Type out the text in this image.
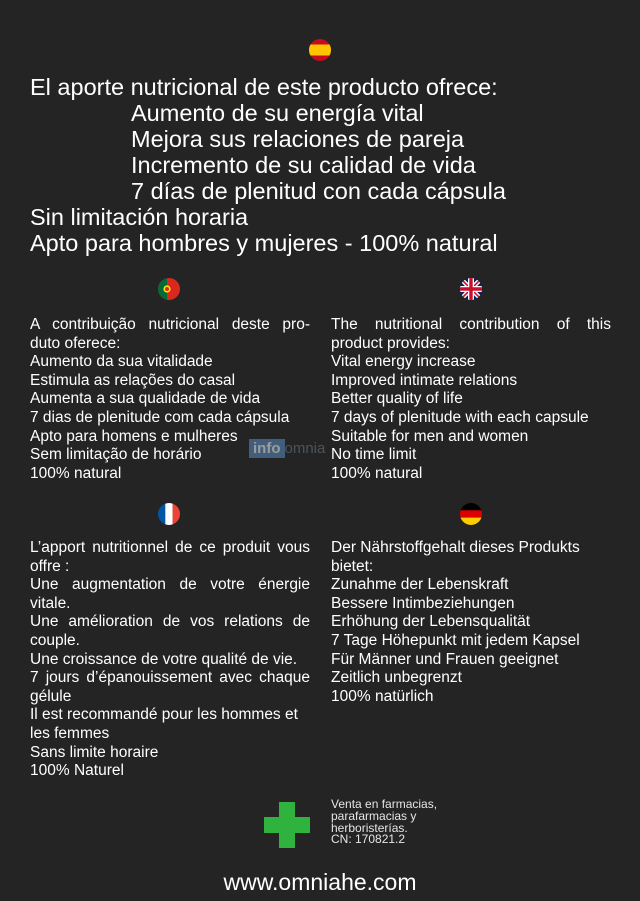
El aporte nutricional de este producto ofrece:
Aumento de su energía vital
Mejora sus relaciones de pareja
Incremento de su calidad de vida
7 días de plenitud con cada cápsula
Sin limitación horaria
Apto para hombres y mujeres - 100% natural
A contribuição nutricional deste pro-
duto oferece:
Aumento da sua vitalidade
Estimula as relações do casal
Aumenta a sua qualidade de vida
7 dias de plenitude com cada cápsula
Apto para homens e mulheres
Sem limitação de horário
100% natural
The nutritional contribution of this
product provides:
Vital energy increase
Improved intimate relations
Better quality of life
7 days of plenitude with each capsule
Suitable for men and women
No time limit
100% natural
info omnia
L’apport nutritionnel de ce produit vous
offre :
Une augmentation de votre énergie vitale.
Une amélioration de vos relations de couple.
Une croissance de votre qualité de vie.
7 jours d’épanouissement avec chaque gélule
Il est recommandé pour les hommes et les femmes
Sans limite horaire
100% Naturel
Der Nährstoffgehalt dieses Produkts
bietet:
Zunahme der Lebenskraft
Bessere Intimbeziehungen
Erhöhung der Lebensqualität
7 Tage Höhepunkt mit jedem Kapsel
Für Männer und Frauen geeignet
Zeitlich unbegrenzt
100% natürlich
Venta en farmacias,
parafarmacias y
herboristerías.
CN: 170821.2
www.omniahe.com
